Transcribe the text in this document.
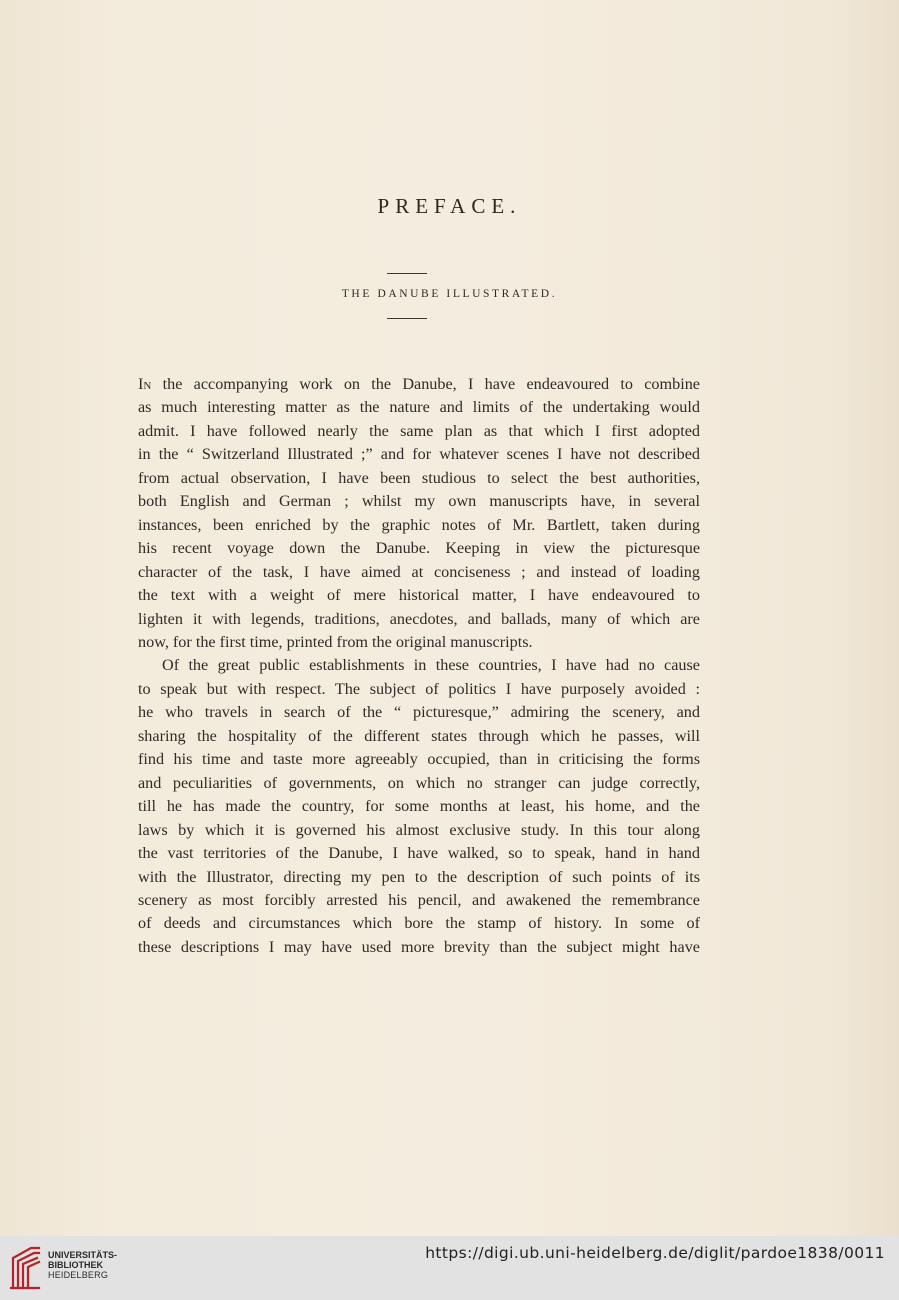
PREFACE.
THE DANUBE ILLUSTRATED.
In the accompanying work on the Danube, I have endeavoured to combine
as much interesting matter as the nature and limits of the undertaking would
admit. I have followed nearly the same plan as that which I first adopted
in the “ Switzerland Illustrated ;” and for whatever scenes I have not described
from actual observation, I have been studious to select the best authorities,
both English and German ; whilst my own manuscripts have, in several
instances, been enriched by the graphic notes of Mr. Bartlett, taken during
his recent voyage down the Danube. Keeping in view the picturesque
character of the task, I have aimed at conciseness ; and instead of loading
the text with a weight of mere historical matter, I have endeavoured to
lighten it with legends, traditions, anecdotes, and ballads, many of which are
now, for the first time, printed from the original manuscripts.
Of the great public establishments in these countries, I have had no cause
to speak but with respect. The subject of politics I have purposely avoided :
he who travels in search of the “ picturesque,” admiring the scenery, and
sharing the hospitality of the different states through which he passes, will
find his time and taste more agreeably occupied, than in criticising the forms
and peculiarities of governments, on which no stranger can judge correctly,
till he has made the country, for some months at least, his home, and the
laws by which it is governed his almost exclusive study. In this tour along
the vast territories of the Danube, I have walked, so to speak, hand in hand
with the Illustrator, directing my pen to the description of such points of its
scenery as most forcibly arrested his pencil, and awakened the remembrance
of deeds and circumstances which bore the stamp of history. In some of
these descriptions I may have used more brevity than the subject might have
UNIVERSITÄTS-
BIBLIOTHEK
HEIDELBERG
https://digi.ub.uni-heidelberg.de/diglit/pardoe1838/0011
